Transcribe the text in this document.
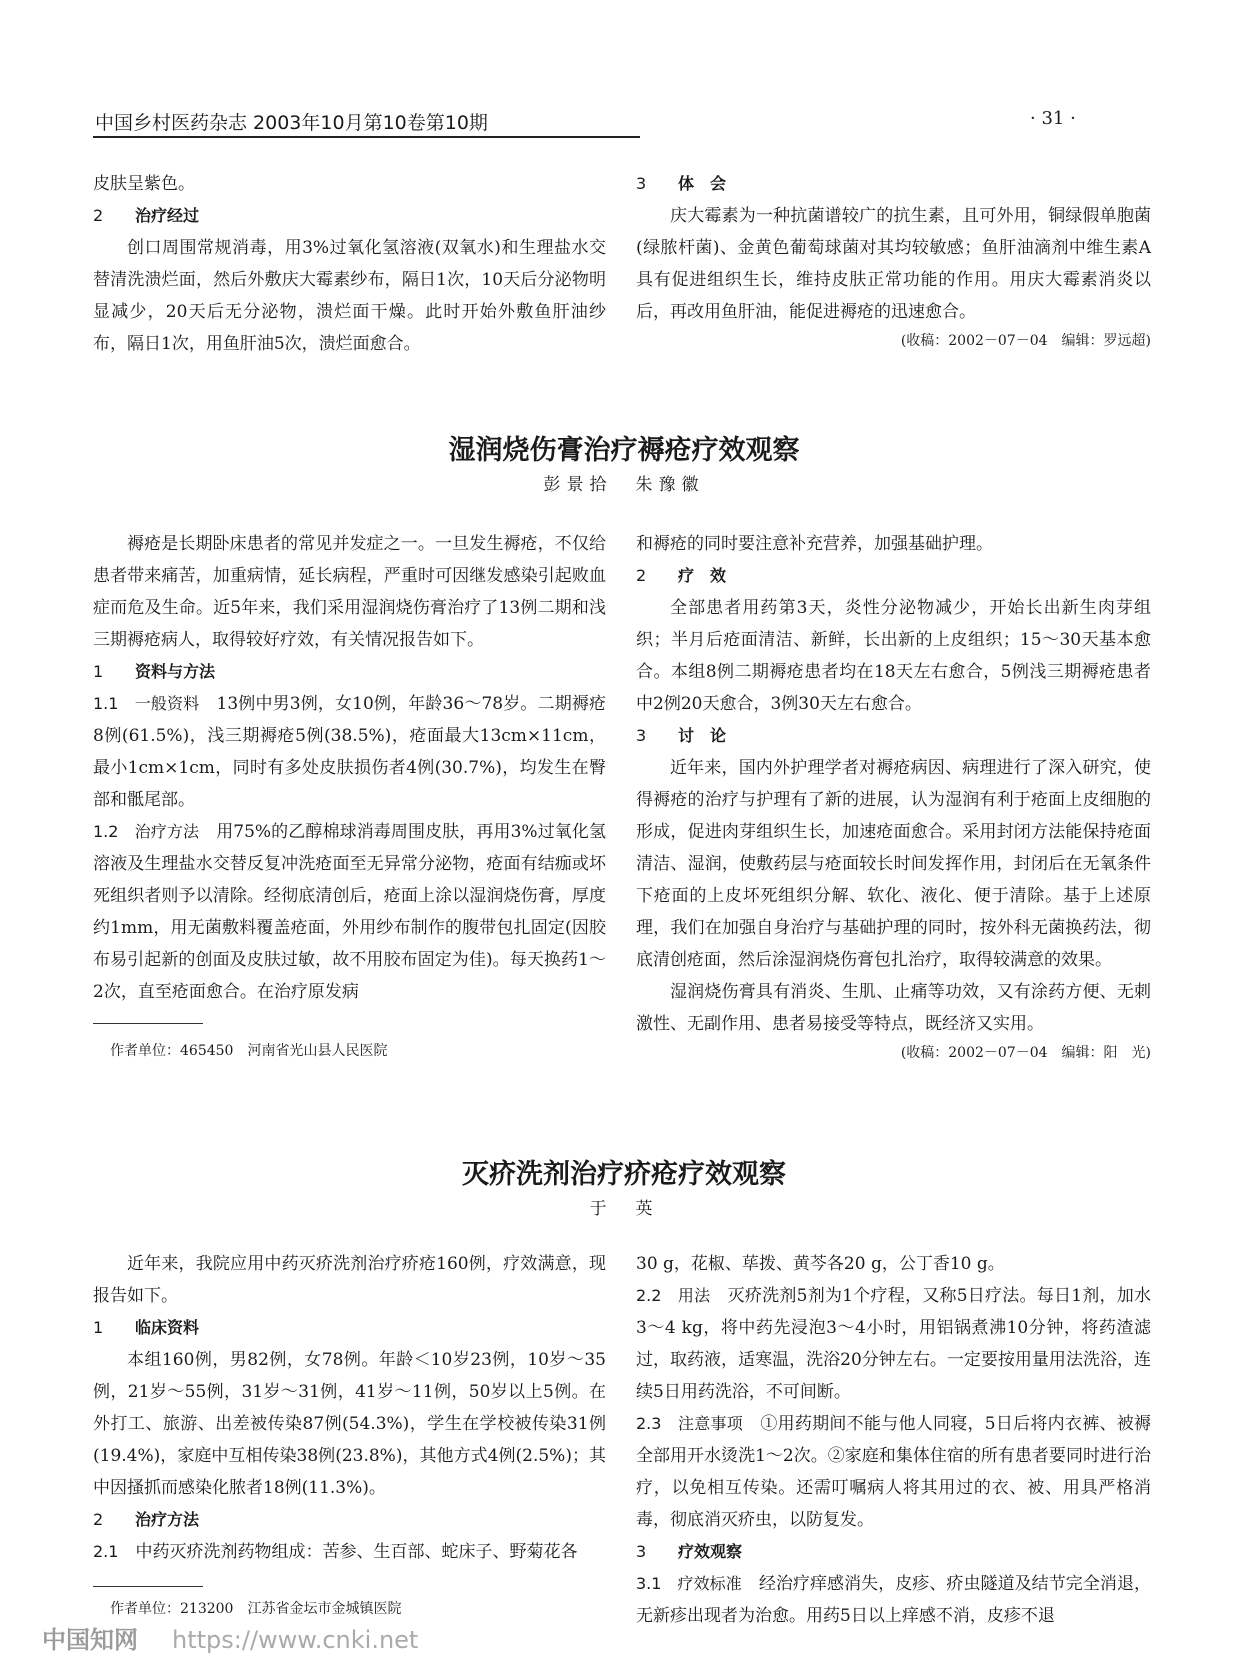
中国乡村医药杂志 2003年10月第10卷第10期	· 31 ·

皮肤呈紫色。

2 治疗经过

创口周围常规消毒，用3%过氧化氢溶液(双氧水)和生理盐水交替清洗溃烂面，然后外敷庆大霉素纱布，隔日1次，10天后分泌物明显减少，20天后无分泌物，溃烂面干燥。此时开始外敷鱼肝油纱布，隔日1次，用鱼肝油5次，溃烂面愈合。

3 体　会

庆大霉素为一种抗菌谱较广的抗生素，且可外用，铜绿假单胞菌(绿脓杆菌)、金黄色葡萄球菌对其均较敏感；鱼肝油滴剂中维生素A具有促进组织生长，维持皮肤正常功能的作用。用庆大霉素消炎以后，再改用鱼肝油，能促进褥疮的迅速愈合。

(收稿：2002－07－04　编辑：罗远超)
湿润烧伤膏治疗褥疮疗效观察
彭景拾　朱豫徽

褥疮是长期卧床患者的常见并发症之一。一旦发生褥疮，不仅给患者带来痛苦，加重病情，延长病程，严重时可因继发感染引起败血症而危及生命。近5年来，我们采用湿润烧伤膏治疗了13例二期和浅三期褥疮病人，取得较好疗效，有关情况报告如下。

1 资料与方法

1.1　一般资料　 13例中男3例，女10例，年龄36～78岁。二期褥疮8例(61.5%)，浅三期褥疮5例(38.5%)，疮面最大13cm×11cm，最小1cm×1cm，同时有多处皮肤损伤者4例(30.7%)，均发生在臀部和骶尾部。

1.2　治疗方法　 用75%的乙醇棉球消毒周围皮肤，再用3%过氧化氢溶液及生理盐水交替反复冲洗疮面至无异常分泌物，疮面有结痂或坏死组织者则予以清除。经彻底清创后，疮面上涂以湿润烧伤膏，厚度约1mm，用无菌敷料覆盖疮面，外用纱布制作的腹带包扎固定(因胶布易引起新的创面及皮肤过敏，故不用胶布固定为佳)。每天换药1～2次，直至疮面愈合。在治疗原发病

作者单位：465450　河南省光山县人民医院

和褥疮的同时要注意补充营养，加强基础护理。

2 疗　效

全部患者用药第3天，炎性分泌物减少，开始长出新生肉芽组织；半月后疮面清洁、新鲜，长出新的上皮组织；15～30天基本愈合。本组8例二期褥疮患者均在18天左右愈合，5例浅三期褥疮患者中2例20天愈合，3例30天左右愈合。

3 讨　论

近年来，国内外护理学者对褥疮病因、病理进行了深入研究，使得褥疮的治疗与护理有了新的进展，认为湿润有利于疮面上皮细胞的形成，促进肉芽组织生长，加速疮面愈合。采用封闭方法能保持疮面清洁、湿润，使敷药层与疮面较长时间发挥作用，封闭后在无氧条件下疮面的上皮坏死组织分解、软化、液化、便于清除。基于上述原理，我们在加强自身治疗与基础护理的同时，按外科无菌换药法，彻底清创疮面，然后涂湿润烧伤膏包扎治疗，取得较满意的效果。

湿润烧伤膏具有消炎、生肌、止痛等功效，又有涂药方便、无刺激性、无副作用、患者易接受等特点，既经济又实用。

(收稿：2002－07－04　编辑：阳　光)
灭疥洗剂治疗疥疮疗效观察
于　英

近年来，我院应用中药灭疥洗剂治疗疥疮160例，疗效满意，现报告如下。

1 临床资料

本组160例，男82例，女78例。年龄＜10岁23例，10岁～35例，21岁～55例，31岁～31例，41岁～11例，50岁以上5例。在外打工、旅游、出差被传染87例(54.3%)，学生在学校被传染31例(19.4%)，家庭中互相传染38例(23.8%)，其他方式4例(2.5%)；其中因搔抓而感染化脓者18例(11.3%)。

2 治疗方法

2.1　 中药灭疥洗剂药物组成：苦参、生百部、蛇床子、野菊花各

作者单位：213200　江苏省金坛市金城镇医院

30 g，花椒、荜拨、黄芩各20 g，公丁香10 g。

2.2　用法　 灭疥洗剂5剂为1个疗程，又称5日疗法。每日1剂，加水3～4 kg，将中药先浸泡3～4小时，用铝锅煮沸10分钟，将药渣滤过，取药液，适寒温，洗浴20分钟左右。一定要按用量用法洗浴，连续5日用药洗浴，不可间断。

2.3　注意事项　 ①用药期间不能与他人同寝，5日后将内衣裤、被褥全部用开水烫洗1～2次。②家庭和集体住宿的所有患者要同时进行治疗，以免相互传染。还需叮嘱病人将其用过的衣、被、用具严格消毒，彻底消灭疥虫，以防复发。

3 疗效观察

3.1　疗效标准　 经治疗痒感消失，皮疹、疥虫隧道及结节完全消退，无新疹出现者为治愈。用药5日以上痒感不消，皮疹不退

中国知网 https://www.cnki.net
